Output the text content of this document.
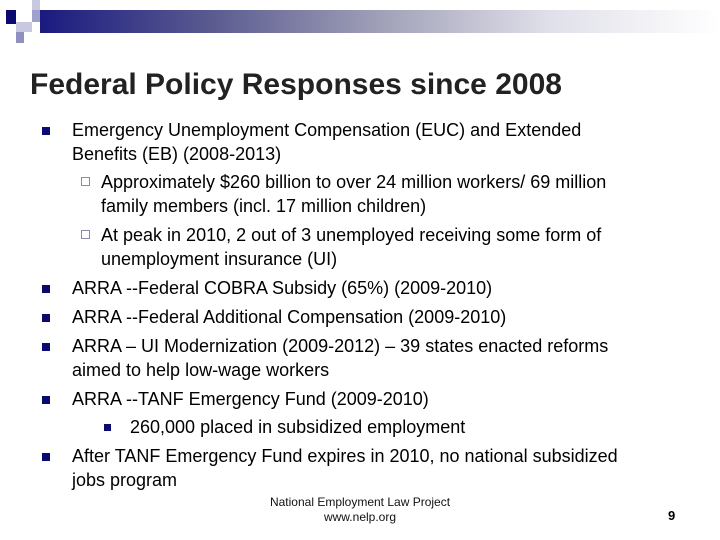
Federal Policy Responses since 2008
Emergency Unemployment Compensation (EUC) and Extended
Benefits (EB) (2008-2013)
Approximately $260 billion to over 24 million workers/ 69 million
family members (incl. 17 million children)
At peak in 2010, 2 out of 3 unemployed receiving some form of
unemployment insurance (UI)
ARRA --Federal COBRA Subsidy (65%) (2009-2010)
ARRA --Federal Additional Compensation (2009-2010)
ARRA – UI Modernization (2009-2012) – 39 states enacted reforms
aimed to help low-wage workers
ARRA --TANF Emergency Fund (2009-2010)
260,000 placed in subsidized employment
After TANF Emergency Fund expires in 2010, no national subsidized
jobs program
National Employment Law Project
www.nelp.org	9
